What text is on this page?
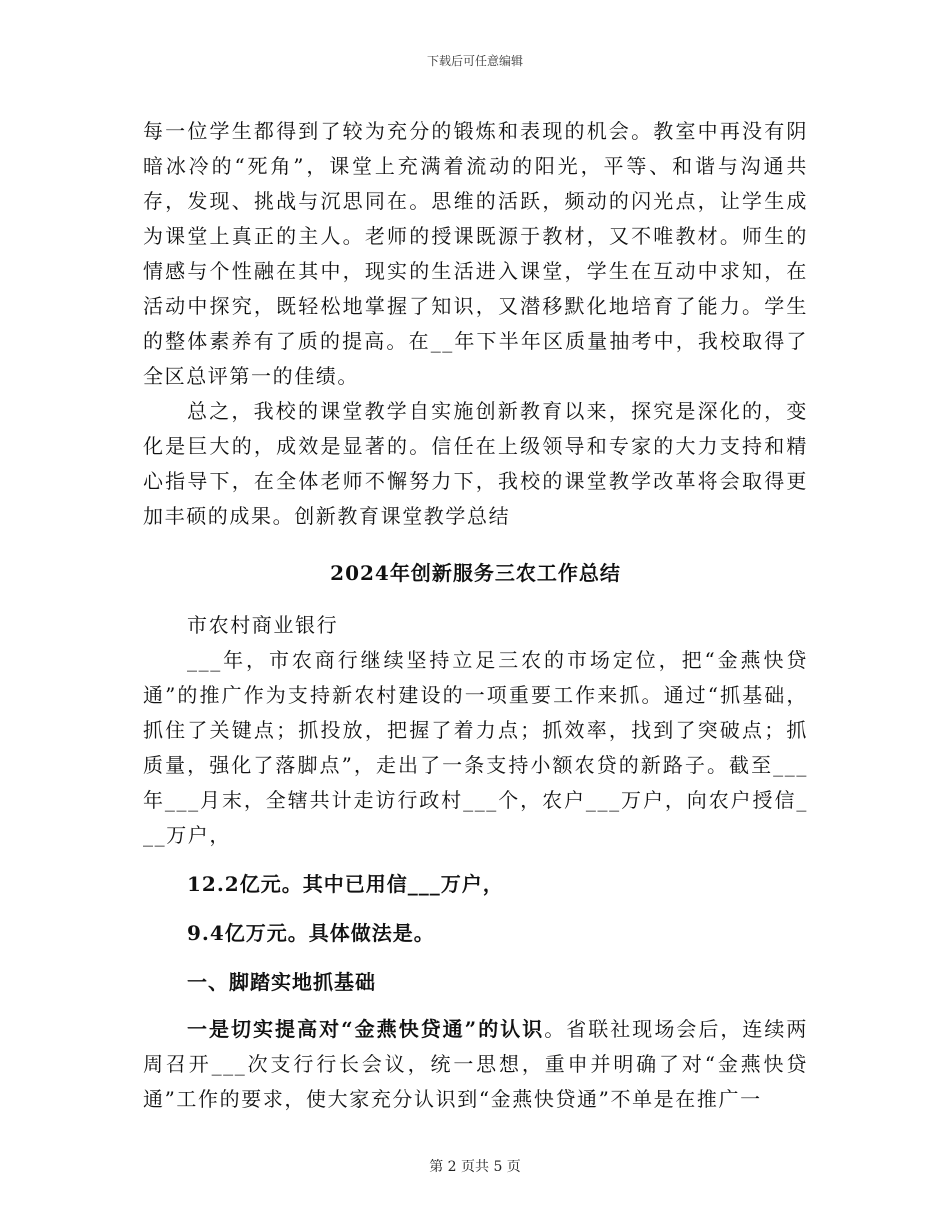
下载后可任意编辑

每一位学生都得到了较为充分的锻炼和表现的机会。教室中再没有阴暗冰冷的“死角”，课堂上充满着流动的阳光，平等、和谐与沟通共存，发现、挑战与沉思同在。思维的活跃，频动的闪光点，让学生成为课堂上真正的主人。老师的授课既源于教材，又不唯教材。师生的情感与个性融在其中，现实的生活进入课堂，学生在互动中求知，在活动中探究，既轻松地掌握了知识，又潜移默化地培育了能力。学生的整体素养有了质的提高。在__年下半年区质量抽考中，我校取得了全区总评第一的佳绩。

总之，我校的课堂教学自实施创新教育以来，探究是深化的，变化是巨大的，成效是显著的。信任在上级领导和专家的大力支持和精心指导下，在全体老师不懈努力下，我校的课堂教学改革将会取得更加丰硕的成果。创新教育课堂教学总结

2024年创新服务三农工作总结

市农村商业银行

___年，市农商行继续坚持立足三农的市场定位，把“金燕快贷通”的推广作为支持新农村建设的一项重要工作来抓。通过“抓基础，抓住了关键点；抓投放，把握了着力点；抓效率，找到了突破点；抓质量，强化了落脚点”，走出了一条支持小额农贷的新路子。截至___年___月末，全辖共计走访行政村___个，农户___万户，向农户授信___万户，

12.2亿元。其中已用信___万户，

9.4亿万元。具体做法是。

一、脚踏实地抓基础

一是切实提高对“金燕快贷通”的认识。省联社现场会后，连续两周召开___次支行行长会议，统一思想，重申并明确了对“金燕快贷通”工作的要求，使大家充分认识到“金燕快贷通”不单是在推广一

第 2 页共 5 页
